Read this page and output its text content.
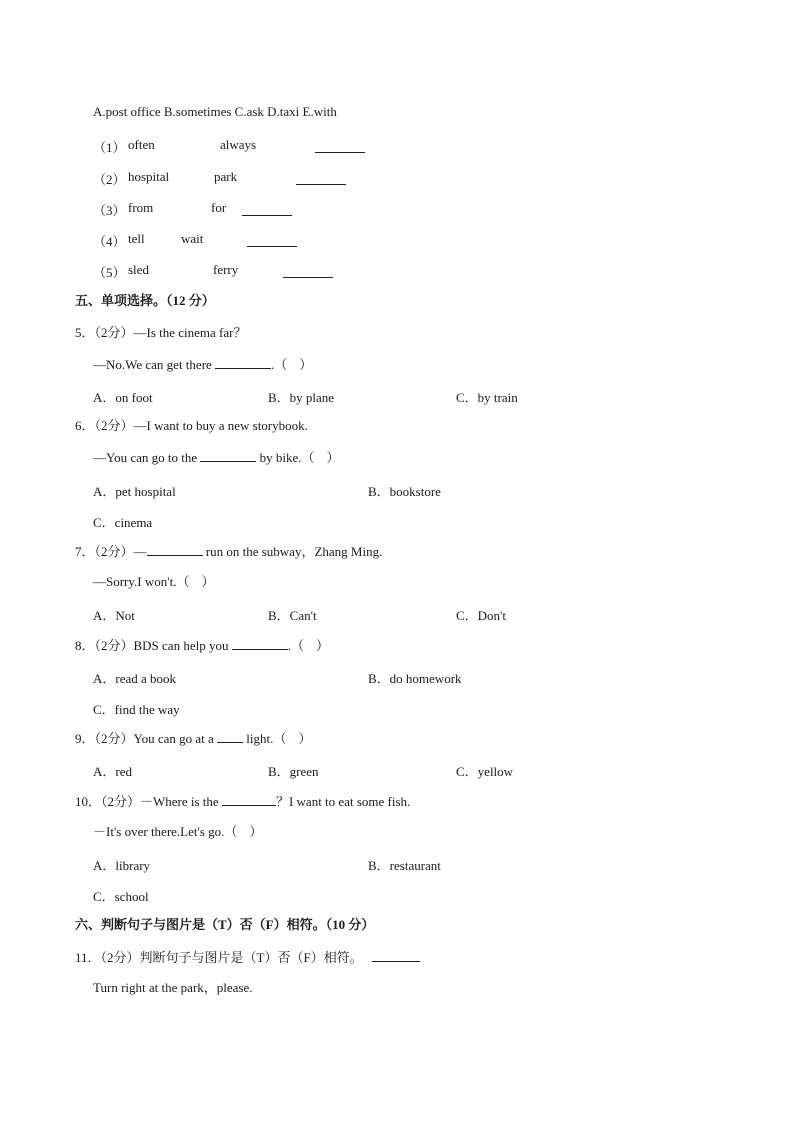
A.post office B.sometimes C.ask D.taxi E.with
（1） often	always
（2） hospital	park
（3） from	for
（4） tell	wait
（5） sled	ferry
五、单项选择。（12 分）
5．（2分）—Is the cinema far？
—No.We can get there	.（ ）
A．on foot	B．by plane	C．by train
6．（2分）—I want to buy a new storybook.
—You can go to the	by bike.（ ）
A．pet hospital	B．bookstore
C．cinema
7．（2分）—	run on the subway，Zhang Ming.
—Sorry.I won't.（ ）
A．Not	B．Can't	C．Don't
8．（2分）BDS can help you	.（ ）
A．read a book	B．do homework
C．find the way
9．（2分）You can go at a	light.（ ）
A．red	B．green	C．yellow
10．（2分）－Where is the	？I want to eat some fish.
－It's over there.Let's go.（ ）
A．library	B．restaurant
C．school
六、判断句子与图片是（T）否（F）相符。（10 分）
11．（2分）判断句子与图片是（T）否（F）相符。
Turn right at the park，please.
